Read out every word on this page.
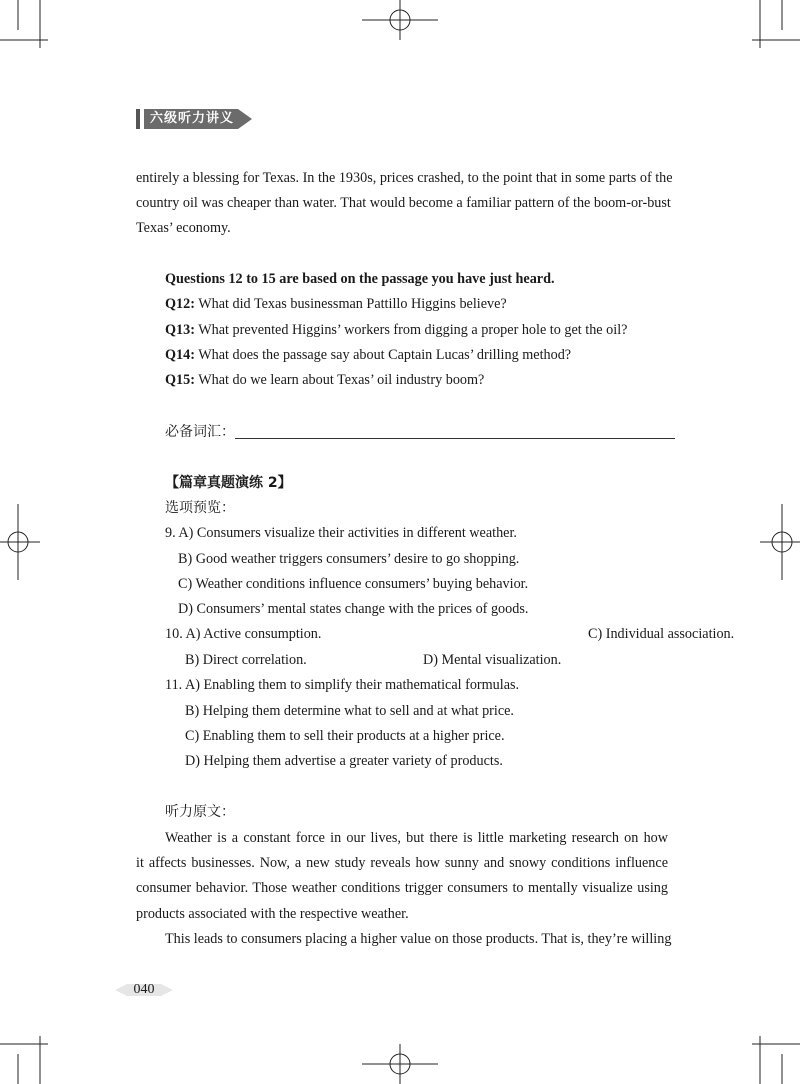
六级听力讲义
entirely a blessing for Texas. In the 1930s, prices crashed, to the point that in some parts of the
country oil was cheaper than water. That would become a familiar pattern of the boom-or-bust
Texas’ economy.
Questions 12 to 15 are based on the passage you have just heard.
Q12: What did Texas businessman Pattillo Higgins believe?
Q13: What prevented Higgins’ workers from digging a proper hole to get the oil?
Q14: What does the passage say about Captain Lucas’ drilling method?
Q15: What do we learn about Texas’ oil industry boom?
必备词汇：
【篇章真题演练 2】
选项预览：
9. A) Consumers visualize their activities in different weather.
B) Good weather triggers consumers’ desire to go shopping.
C) Weather conditions influence consumers’ buying behavior.
D) Consumers’ mental states change with the prices of goods.
10. A) Active consumption.	C) Individual association.
B) Direct correlation.	D) Mental visualization.
11. A) Enabling them to simplify their mathematical formulas.
B) Helping them determine what to sell and at what price.
C) Enabling them to sell their products at a higher price.
D) Helping them advertise a greater variety of products.
听力原文：
Weather is a constant force in our lives, but there is little marketing research on how
it affects businesses. Now, a new study reveals how sunny and snowy conditions influence
consumer behavior. Those weather conditions trigger consumers to mentally visualize using
products associated with the respective weather.
This leads to consumers placing a higher value on those products. That is, they’re willing
040
